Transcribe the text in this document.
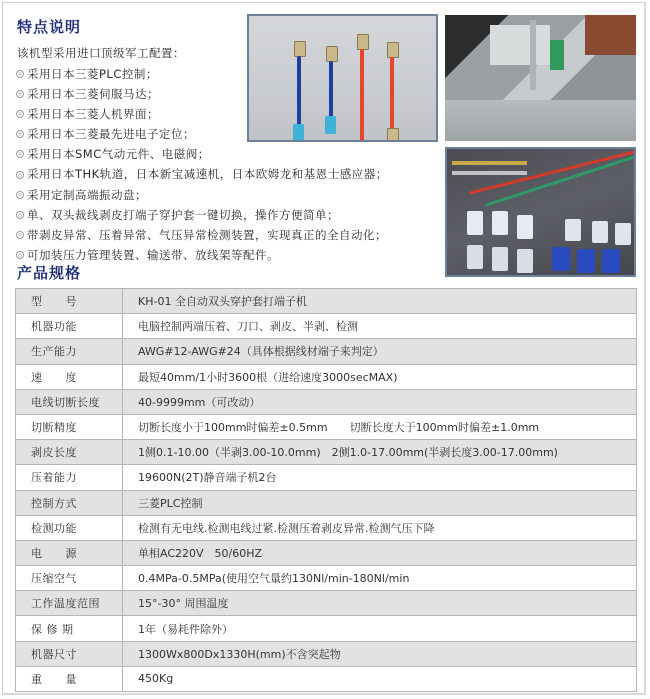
特点说明
该机型采用进口顶级军工配置：
采用日本三菱PLC控制；
采用日本三菱伺服马达；
采用日本三菱人机界面；
采用日本三菱最先进电子定位；
采用日本SMC气动元件、电磁阀；
采用日本THK轨道，日本新宝减速机，日本欧姆龙和基恩士感应器；
采用定制高端振动盘；
单、双头裁线剥皮打端子穿护套一键切换，操作方便简单；
带剥皮异常、压着异常、气压异常检测装置，实现真正的全自动化；
可加装压力管理装置、输送带、放线架等配件。
产品规格
型　　号	KH-01 全自动双头穿护套打端子机
机器功能	电脑控制两端压着、刀口、剥皮、半剥、检测
生产能力	AWG#12-AWG#24（具体根据线材端子来判定）
速　　度	最短40mm/1小时3600根（进给速度3000secMAX)
电线切断长度	40-9999mm（可改动）
切断精度	切断长度小于100mm时偏差±0.5mm　　切断长度大于100mm时偏差±1.0mm
剥皮长度	1侧0.1-10.00（半剥3.00-10.0mm)　2侧1.0-17.00mm(半剥长度3.00-17.00mm)
压着能力	19600N(2T)静音端子机2台
控制方式	三菱PLC控制
检测功能	检测有无电线.检测电线过紧.检测压着剥皮异常.检测气压下降
电　　源	单相AC220V　50/60HZ
压缩空气	0.4MPa-0.5MPa(使用空气量约130Nl/min-180Nl/min
工作温度范围	15°-30° 周围温度
保 修 期	1年（易耗件除外）
机器尺寸	1300Wx800Dx1330H(mm)不含突起物
重　　量	450Kg
